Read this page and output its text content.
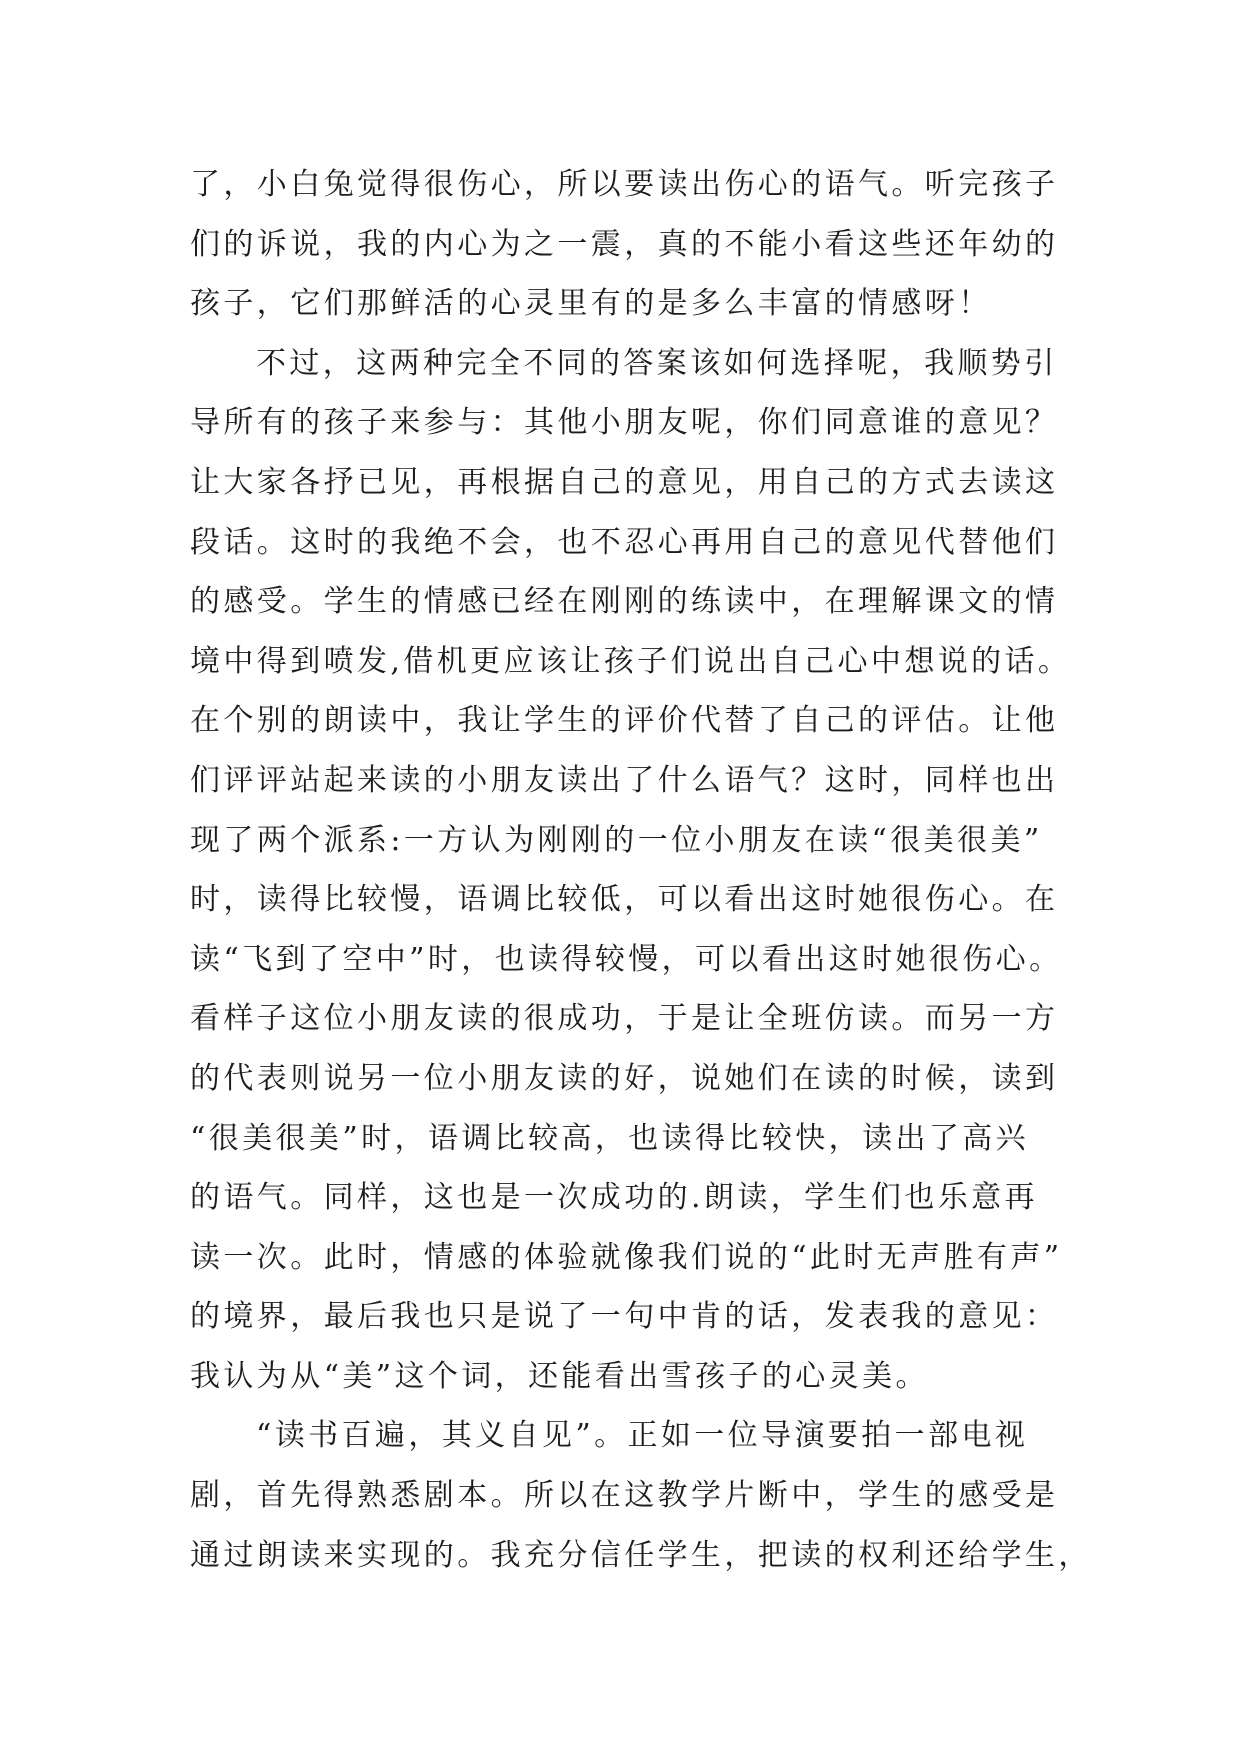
了，小白兔觉得很伤心，所以要读出伤心的语气。听完孩子
们的诉说，我的内心为之一震，真的不能小看这些还年幼的
孩子，它们那鲜活的心灵里有的是多么丰富的情感呀！
不过，这两种完全不同的答案该如何选择呢，我顺势引
导所有的孩子来参与：其他小朋友呢，你们同意谁的意见？
让大家各抒已见，再根据自己的意见，用自己的方式去读这
段话。这时的我绝不会，也不忍心再用自己的意见代替他们
的感受。学生的情感已经在刚刚的练读中，在理解课文的情
境中得到喷发,借机更应该让孩子们说出自己心中想说的话。
在个别的朗读中，我让学生的评价代替了自己的评估。让他
们评评站起来读的小朋友读出了什么语气？这时，同样也出
现了两个派系:一方认为刚刚的一位小朋友在读“很美很美”
时，读得比较慢，语调比较低，可以看出这时她很伤心。在
读“飞到了空中”时，也读得较慢，可以看出这时她很伤心。
看样子这位小朋友读的很成功，于是让全班仿读。而另一方
的代表则说另一位小朋友读的好，说她们在读的时候，读到
“很美很美”时，语调比较高，也读得比较快，读出了高兴
的语气。同样，这也是一次成功的.朗读，学生们也乐意再
读一次。此时，情感的体验就像我们说的“此时无声胜有声”
的境界，最后我也只是说了一句中肯的话，发表我的意见：
我认为从“美”这个词，还能看出雪孩子的心灵美。
“读书百遍，其义自见”。正如一位导演要拍一部电视
剧，首先得熟悉剧本。所以在这教学片断中，学生的感受是
通过朗读来实现的。我充分信任学生，把读的权利还给学生，
